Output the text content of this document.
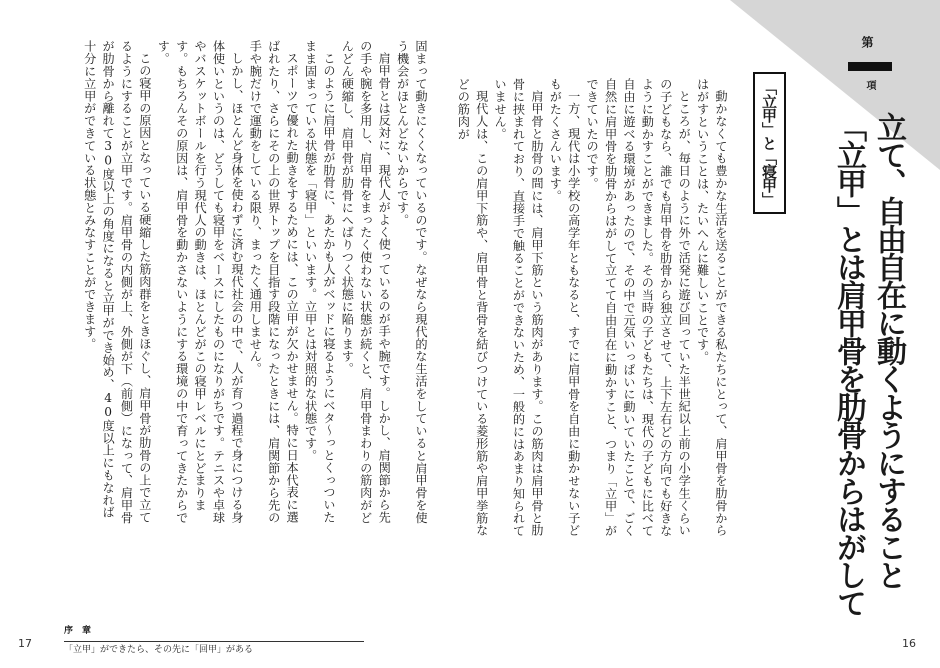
第
項
「立甲」とは肩甲骨を肋骨からはがして 立て、自由自在に動くようにすること
「立甲」と「寝甲」

動かなくても豊かな生活を送ることができる私たちにとって、肩甲骨を肋骨からはがすということは、たいへんに難しいことです。

ところが、毎日のように外で活発に遊び回っていた半世紀以上前の小学生くらいの子どもなら、誰でも肩甲骨を肋骨から独立させて、上下左右どの方向でも好きなように動かすことができました。その当時の子どもたちは、現代の子どもに比べて自由に遊べる環境があったので、その中で元気いっぱいに動いていたことで、ごく自然に肩甲骨を肋骨からはがして立てて自由自在に動かすこと、つまり「立甲」ができていたのです。

一方、現代は小学校の高学年ともなると、すでに肩甲骨を自由に動かせない子どもがたくさんいます。

肩甲骨と肋骨の間には、肩甲下筋という筋肉があります。この筋肉は肩甲骨と肋骨に挟まれており、直接手で触ることができないため、一般的にはあまり知られていません。

現代人は、この肩甲下筋や、肩甲骨と背骨を結びつけている菱形筋や肩甲挙筋などの筋肉が

16

固まって動きにくくなっているのです。なぜなら現代的な生活をしていると肩甲骨を使う機会がほとんどないからです。

肩甲骨とは反対に、現代人がよく使っているのが手や腕です。しかし、肩関節から先の手や腕を多用し、肩甲骨をまったく使わない状態が続くと、肩甲骨まわりの筋肉がどんどん硬縮し、肩甲骨が肋骨にへばりつく状態に陥ります。

このように肩甲骨が肋骨に、あたかも人がベッドに寝るようにベタ～っとくっついたまま固まっている状態を「寝甲」といいます。立甲とは対照的な状態です。

スポーツで優れた動きをするためには、この立甲が欠かせません。特に日本代表に選ばれたり、さらにその上の世界トップを目指す段階になったときには、肩関節から先の手や腕だけで運動をしている限り、まったく通用しません。

しかし、ほとんど身体を使わずに済む現代社会の中で、人が育つ過程で身につける身体使いというのは、どうしても寝甲をベースにしたものになりがちです。テニスや卓球やバスケットボールを行う現代人の動きは、ほとんどがこの寝甲レベルにとどまります。もちろんその原因は、肩甲骨を動かさないようにする環境の中で育ってきたからです。

この寝甲の原因となっている硬縮した筋肉群をときほぐし、肩甲骨が肋骨の上で立てるようにすることが立甲です。肩甲骨の内側が上、外側が下（前側）になって、肩甲骨が肋骨から離れて30度以上の角度になると立甲ができ始め、40度以上にもなれば十分に立甲ができている状態とみなすことができます。

17
序　章
「立甲」ができたら、その先に「回甲」がある
